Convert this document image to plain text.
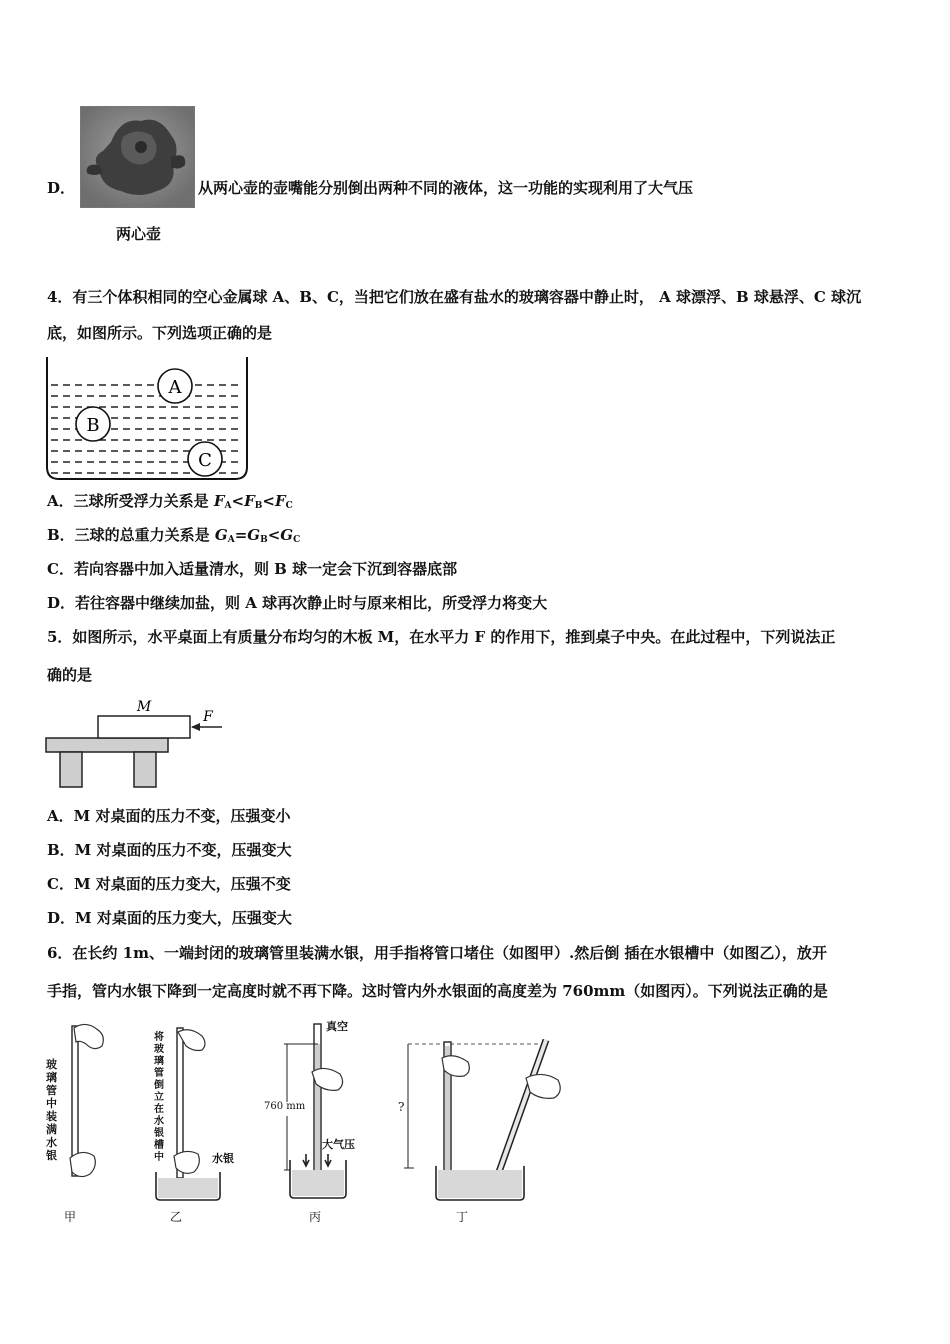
D．	从两心壶的壶嘴能分别倒出两种不同的液体，这一功能的实现利用了大气压
两心壶
4．有三个体积相同的空心金属球 A、B、C，当把它们放在盛有盐水的玻璃容器中静止时， A 球漂浮、B 球悬浮、C 球沉
底，如图所示。下列选项正确的是
A
B
C
A．三球所受浮力关系是 $F_A<F_B<F_C$
B．三球的总重力关系是 $G_A=G_B<G_C$
C．若向容器中加入适量清水，则 B 球一定会下沉到容器底部
D．若往容器中继续加盐，则 A 球再次静止时与原来相比，所受浮力将变大
5．如图所示，水平桌面上有质量分布均匀的木板 M，在水平力 F 的作用下，推到桌子中央。在此过程中，下列说法正
确的是
M
F
A．M 对桌面的压力不变，压强变小
B．M 对桌面的压力不变，压强变大
C．M 对桌面的压力变大，压强不变
D．M 对桌面的压力变大，压强变大
6．在长约 1m、一端封闭的玻璃管里装满水银，用手指将管口堵住（如图甲）.然后倒 插在水银槽中（如图乙），放开
手指，管内水银下降到一定高度时就不再下降。这时管内外水银面的高度差为 760mm（如图丙）。下列说法正确的是
玻璃管中装满水银
甲
将玻璃管倒立在水银槽中	水银
乙
真空
760 mm
大气压
丙
?
丁
